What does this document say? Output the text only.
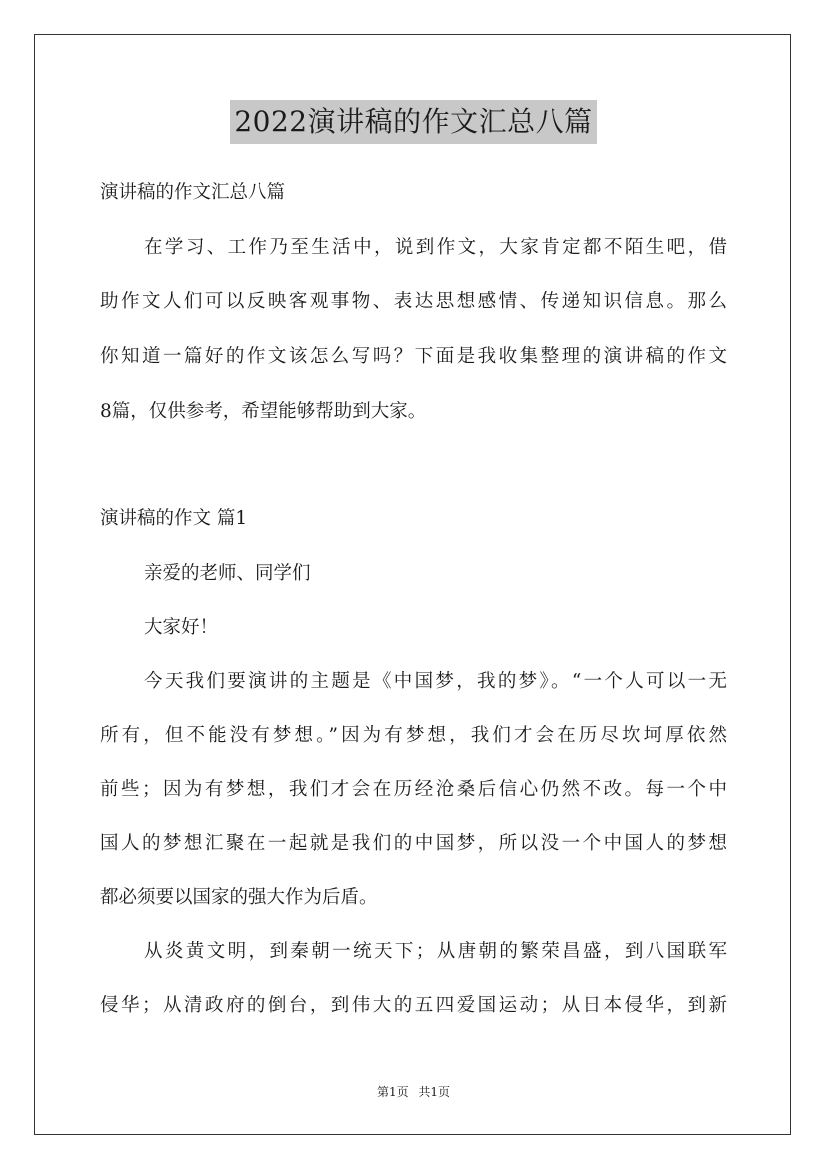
2022演讲稿的作文汇总八篇
演讲稿的作文汇总八篇
在学习、工作乃至生活中，说到作文，大家肯定都不陌生吧，借
助作文人们可以反映客观事物、表达思想感情、传递知识信息。那么
你知道一篇好的作文该怎么写吗？下面是我收集整理的演讲稿的作文
8篇，仅供参考，希望能够帮助到大家。
演讲稿的作文 篇1
亲爱的老师、同学们
大家好！
今天我们要演讲的主题是《中国梦，我的梦》。“一个人可以一无
所有，但不能没有梦想。”因为有梦想，我们才会在历尽坎坷厚依然
前些；因为有梦想，我们才会在历经沧桑后信心仍然不改。每一个中
国人的梦想汇聚在一起就是我们的中国梦，所以没一个中国人的梦想
都必须要以国家的强大作为后盾。
从炎黄文明，到秦朝一统天下；从唐朝的繁荣昌盛，到八国联军
侵华；从清政府的倒台，到伟大的五四爱国运动；从日本侵华，到新
第1页 共1页
